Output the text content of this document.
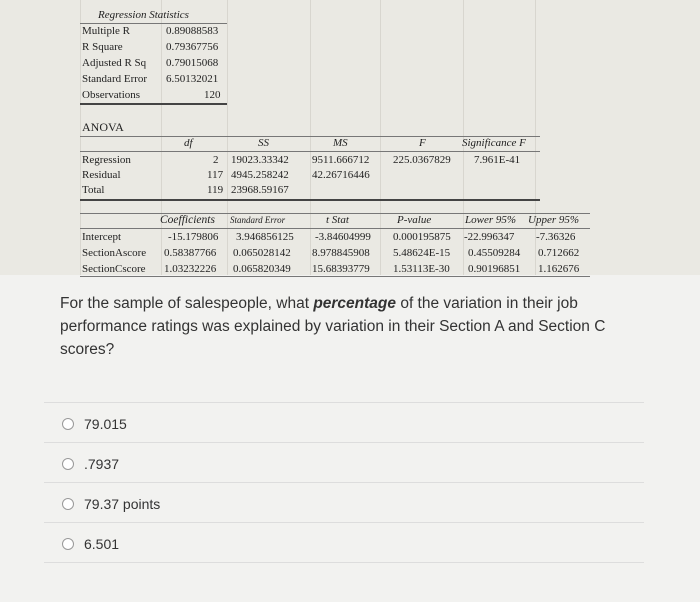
Regression Statistics
Multiple R	0.89088583
R Square	0.79367756
Adjusted R Sq 0.79015068
Standard Error 6.50132021
Observations	120
ANOVA
df	SS	MS	F	Significance F
Regression	2 19023.33342 9511.666712 225.0367829 7.961E-41
Residual	117 4945.258242 42.26716446
Total	119 23968.59167
Coefficients Standard Error	t Stat	P-value	Lower 95% Upper 95%
Intercept	-15.179806 3.946856125 -3.84604999 0.000195875 -22.996347 -7.36326
SectionAscore 0.58387766 0.065028142 8.978845908 5.48624E-15 0.45509284 0.712662
SectionCscore 1.03232226 0.065820349 15.68393779 1.53113E-30 0.90196851 1.162676
For the sample of salespeople, what percentage of the variation in their job performance ratings was explained by variation in their Section A and Section C scores?
79.015
.7937
79.37 points
6.501
